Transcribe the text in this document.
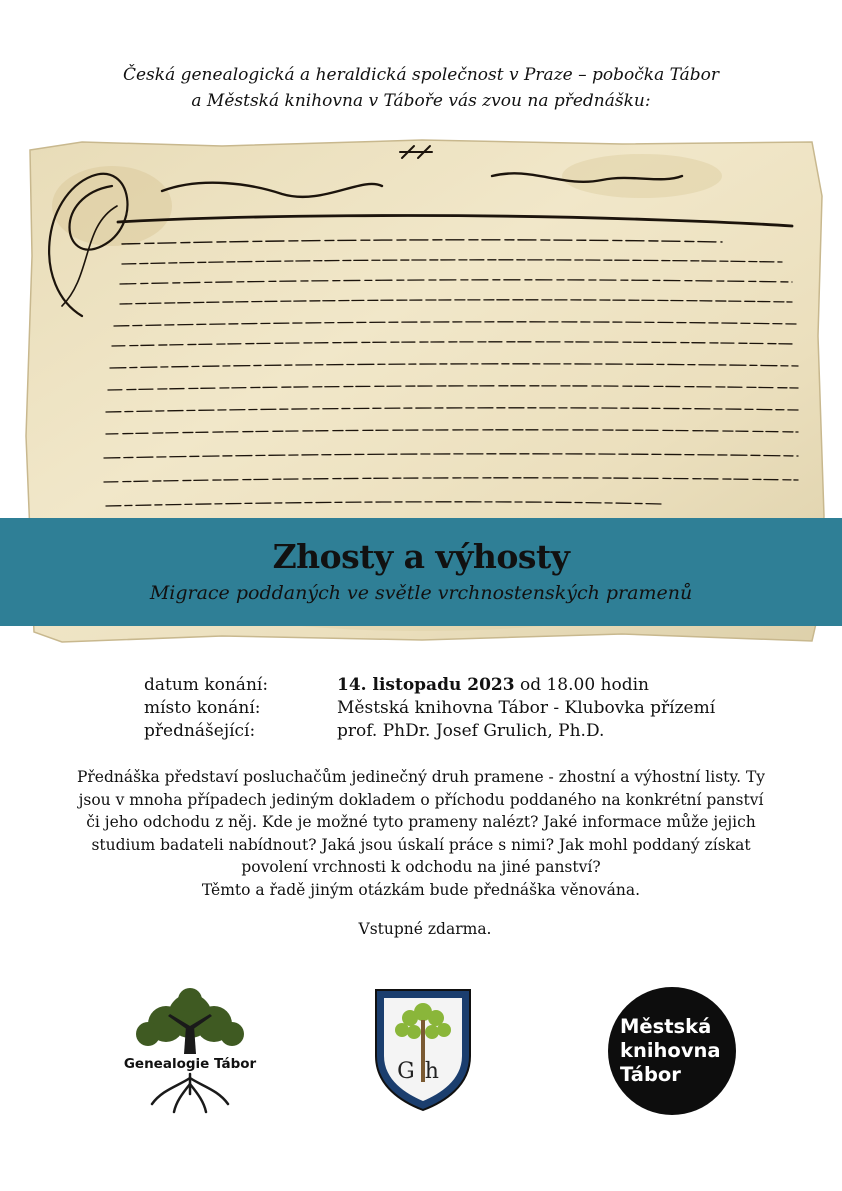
Česká genealogická a heraldická společnost v Praze – pobočka Tábor
a Městská knihovna v Táboře vás zvou na přednášku:
Zhosty a výhosty
Migrace poddaných ve světle vrchnostenských pramenů
datum konání:
místo konání:
přednášející:
14. listopadu 2023 od 18.00 hodin
Městská knihovna Tábor - Klubovka přízemí
prof. PhDr. Josef Grulich, Ph.D.
Přednáška představí posluchačům jedinečný druh pramene - zhostní a výhostní listy. Ty
jsou v mnoha případech jediným dokladem o příchodu poddaného na konkrétní panství
či jeho odchodu z něj. Kde je možné tyto prameny nalézt? Jaké informace může jejich
studium badateli nabídnout? Jaká jsou úskalí práce s nimi? Jak mohl poddaný získat
povolení vrchnosti k odchodu na jiné panství?
Těmto a řadě jiným otázkám bude přednáška věnována.
Vstupné zdarma.
Genealogie Tábor	Gh
Městská
knihovna
Tábor
